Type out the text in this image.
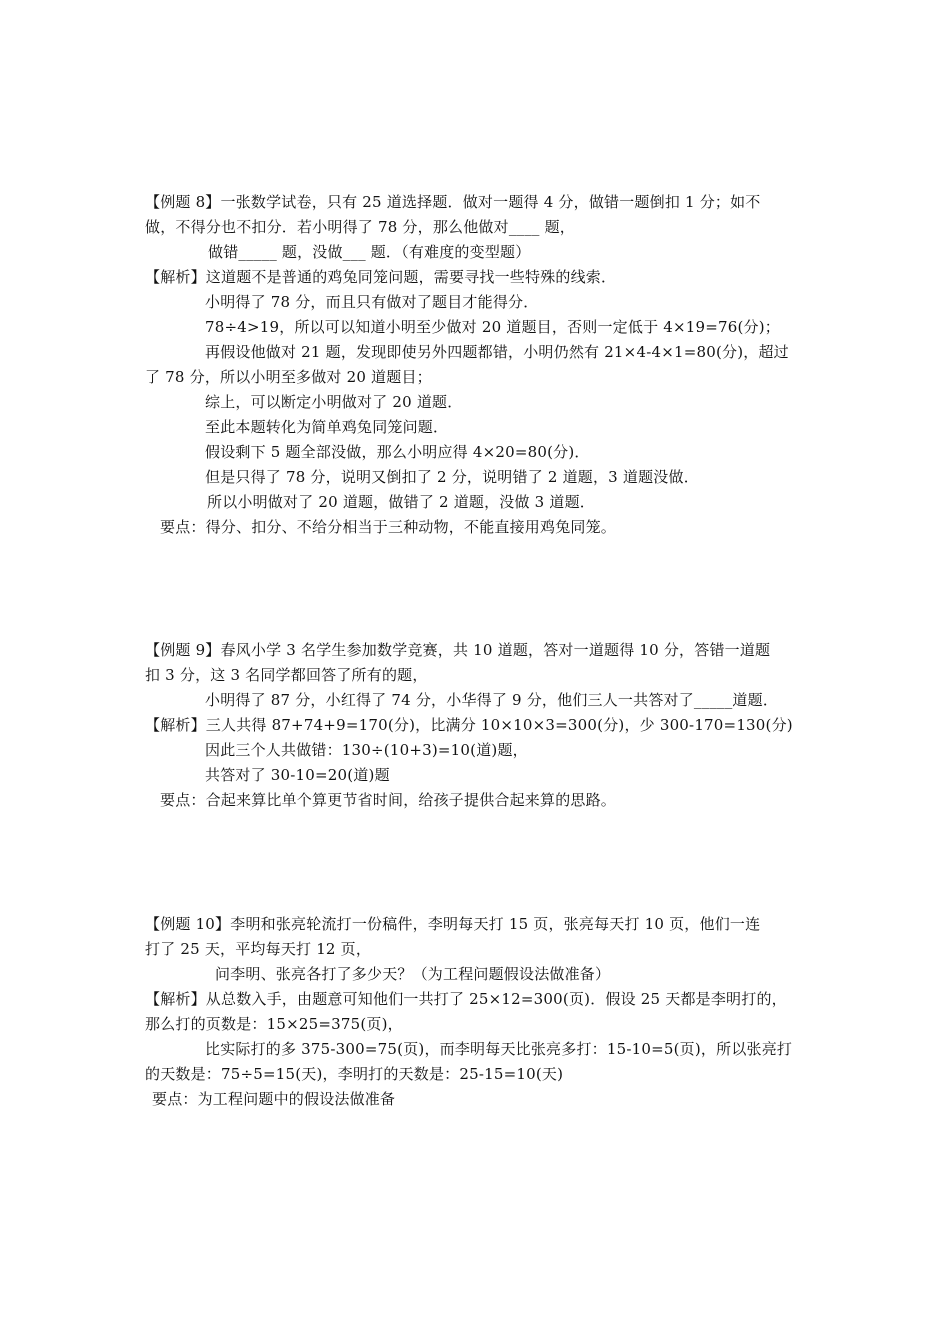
【例题 8】一张数学试卷，只有 25 道选择题．做对一题得 4 分，做错一题倒扣 1 分；如不
做，不得分也不扣分．若小明得了 78 分，那么他做对____ 题，
做错_____ 题，没做___ 题．（有难度的变型题）
【解析】这道题不是普通的鸡兔同笼问题，需要寻找一些特殊的线索．
小明得了 78 分，而且只有做对了题目才能得分．
78÷4>19，所以可以知道小明至少做对 20 道题目，否则一定低于 4×19=76(分)；
再假设他做对 21 题，发现即使另外四题都错，小明仍然有 21×4-4×1=80(分)，超过
了 78 分，所以小明至多做对 20 道题目；
综上，可以断定小明做对了 20 道题．
至此本题转化为简单鸡兔同笼问题．
假设剩下 5 题全部没做，那么小明应得 4×20=80(分)．
但是只得了 78 分，说明又倒扣了 2 分，说明错了 2 道题，3 道题没做．
所以小明做对了 20 道题，做错了 2 道题，没做 3 道题．
要点：得分、扣分、不给分相当于三种动物，不能直接用鸡兔同笼。
【例题 9】春风小学 3 名学生参加数学竞赛，共 10 道题，答对一道题得 10 分，答错一道题
扣 3 分，这 3 名同学都回答了所有的题，
小明得了 87 分，小红得了 74 分，小华得了 9 分，他们三人一共答对了_____道题．
【解析】三人共得 87+74+9=170(分)，比满分 10×10×3=300(分)，少 300-170=130(分)
因此三个人共做错：130÷(10+3)=10(道)题，
共答对了 30-10=20(道)题
要点：合起来算比单个算更节省时间，给孩子提供合起来算的思路。
【例题 10】李明和张亮轮流打一份稿件，李明每天打 15 页，张亮每天打 10 页，他们一连
打了 25 天，平均每天打 12 页，
问李明、张亮各打了多少天？（为工程问题假设法做准备）
【解析】从总数入手，由题意可知他们一共打了 25×12=300(页)．假设 25 天都是李明打的，
那么打的页数是：15×25=375(页)，
比实际打的多 375-300=75(页)，而李明每天比张亮多打：15-10=5(页)，所以张亮打
的天数是：75÷5=15(天)，李明打的天数是：25-15=10(天)
要点：为工程问题中的假设法做准备
